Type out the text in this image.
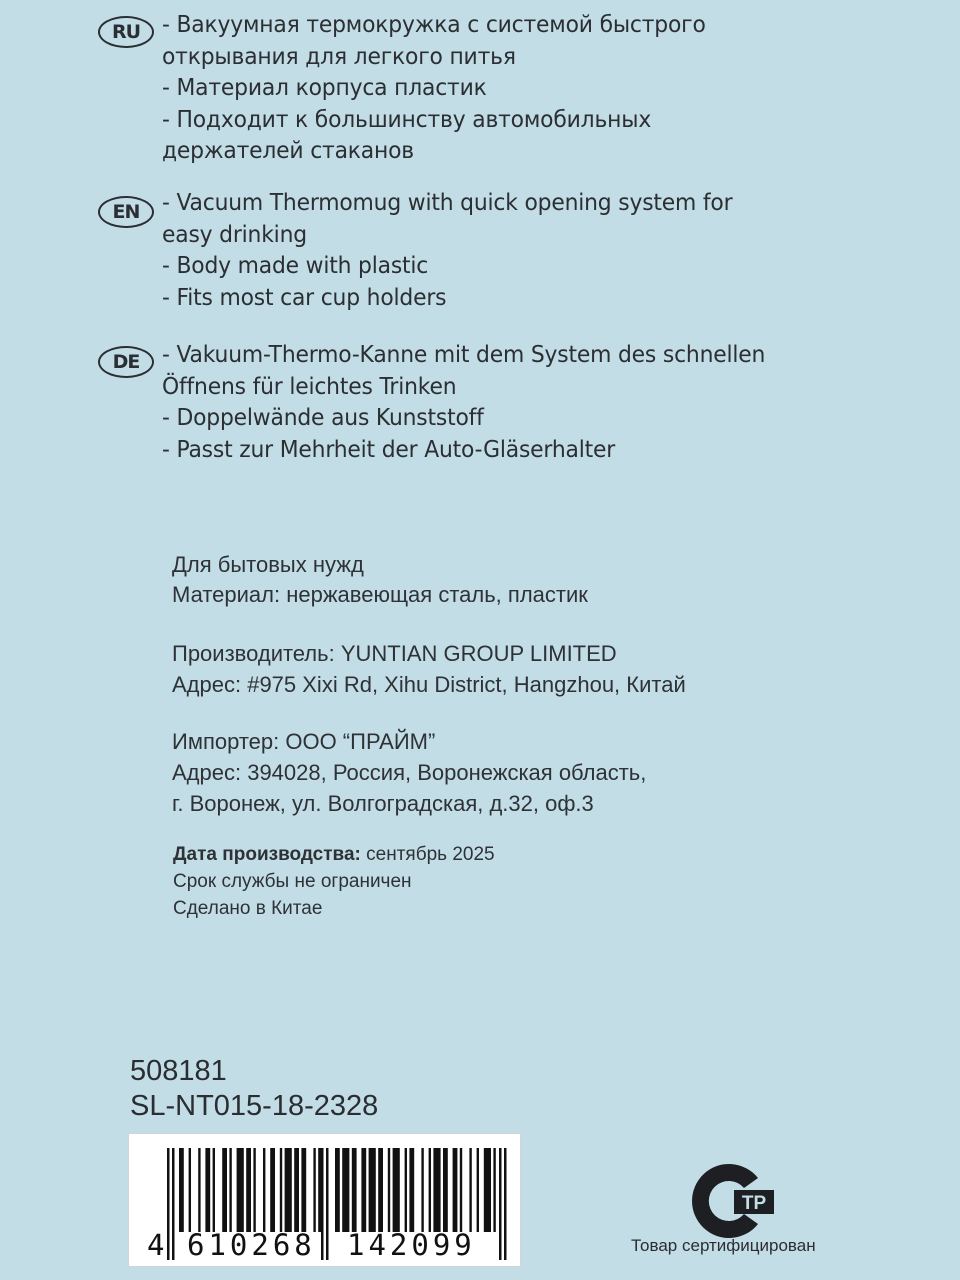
RU - Вакуумная термокружка с системой быстрого
открывания для легкого питья
- Материал корпуса пластик
- Подходит к большинству автомобильных
держателей стаканов
EN - Vacuum Thermomug with quick opening system for
easy drinking
- Body made with plastic
- Fits most car cup holders
DE - Vakuum-Thermo-Kanne mit dem System des schnellen
Öffnens für leichtes Trinken
- Doppelwände aus Kunststoff
- Passt zur Mehrheit der Auto-Gläserhalter
Для бытовых нужд
Материал: нержавеющая сталь, пластик
Производитель: YUNTIAN GROUP LIMITED
Адрес: #975 Xixi Rd, Xihu District, Hangzhou, Китай
Импортер: ООО “ПРАЙМ”
Адрес: 394028, Россия, Воронежская область,
г. Воронеж, ул. Волгоградская, д.32, оф.3
Дата производства: сентябрь 2025
Срок службы не ограничен
Сделано в Китае
508181
SL-NT015-18-2328
4 610268 142099
ТР
Товар сертифицирован
